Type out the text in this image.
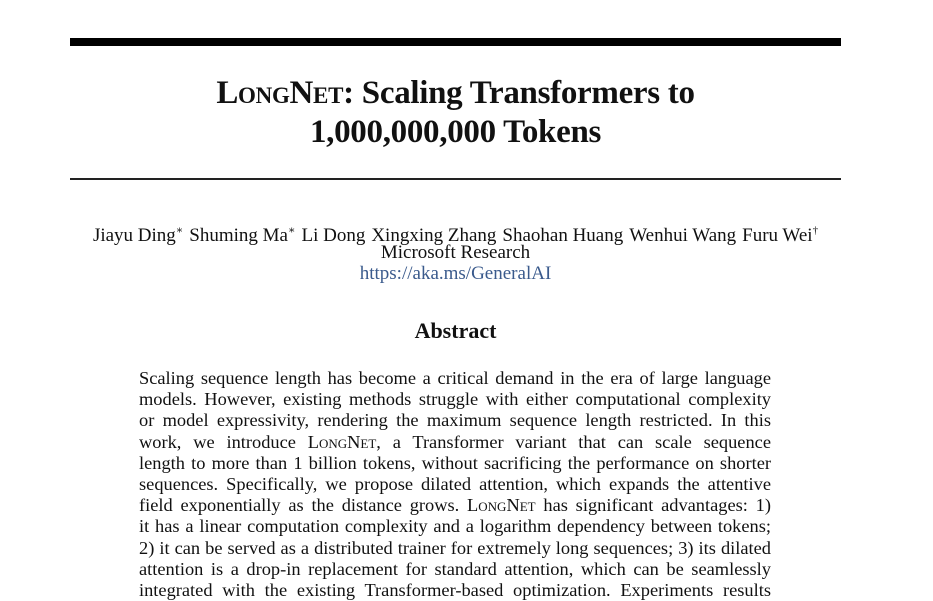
LongNet: Scaling Transformers to
1,000,000,000 Tokens
Jiayu Ding∗ Shuming Ma∗ Li Dong Xingxing Zhang Shaohan Huang Wenhui Wang Furu Wei†
Microsoft Research
https://aka.ms/GeneralAI
Abstract
Scaling sequence length has become a critical demand in the era of large language
models. However, existing methods struggle with either computational complexity
or model expressivity, rendering the maximum sequence length restricted. In this
work, we introduce LongNet, a Transformer variant that can scale sequence
length to more than 1 billion tokens, without sacrificing the performance on shorter
sequences. Specifically, we propose dilated attention, which expands the attentive
field exponentially as the distance grows. LongNet has significant advantages: 1)
it has a linear computation complexity and a logarithm dependency between tokens;
2) it can be served as a distributed trainer for extremely long sequences; 3) its dilated
attention is a drop-in replacement for standard attention, which can be seamlessly
integrated with the existing Transformer-based optimization. Experiments results
